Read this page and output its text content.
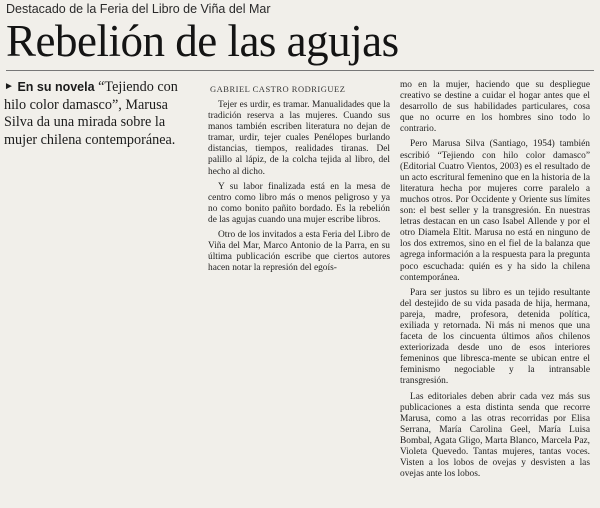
Destacado de la Feria del Libro de Viña del Mar
Rebelión de las agujas
► En su novela “Tejiendo con hilo color damasco”, Marusa Silva da una mirada sobre la mujer chilena contemporánea.
GABRIEL CASTRO RODRIGUEZ

Tejer es urdir, es tramar. Manualidades que la tradición reserva a las mujeres. Cuando sus manos también escriben literatura no dejan de tramar, urdir, tejer cuales Penélopes burlando distancias, tiempos, realidades tiranas. Del palillo al lápiz, de la colcha tejida al libro, del hecho al dicho.

Y su labor finalizada está en la mesa de centro como libro más o menos peligroso y ya no como bonito pañito bordado. Es la rebelión de las agujas cuando una mujer escribe libros.

Otro de los invitados a esta Feria del Libro de Viña del Mar, Marco Antonio de la Parra, en su última publicación escribe que ciertos autores hacen notar la represión del egoís-

mo en la mujer, haciendo que su despliegue creativo se destine a cuidar el hogar antes que el desarrollo de sus habilidades particulares, cosa que no ocurre en los hombres sino todo lo contrario.

Pero Marusa Silva (Santiago, 1954) también escribió “Tejiendo con hilo color damasco” (Editorial Cuatro Vientos, 2003) es el resultado de un acto escritural femenino que en la historia de la literatura hecha por mujeres corre paralelo a muchos otros. Por Occidente y Oriente sus límites son: el best seller y la transgresión. En nuestras letras destacan en un caso Isabel Allende y por el otro Diamela Eltit. Marusa no está en ninguno de los dos extremos, sino en el fiel de la balanza que agrega información a la respuesta para la pregunta poco escuchada: quién es y ha sido la chilena contemporánea.

Para ser justos su libro es un tejido resultante del destejido de su vida pasada de hija, hermana, pareja, madre, profesora, detenida política, exiliada y retornada. Ni más ni menos que una faceta de los cincuenta últimos años chilenos exteriorizada desde uno de esos interiores femeninos que libresca-mente se ubican entre el feminismo negociable y la intransable transgresión.

Las editoriales deben abrir cada vez más sus publicaciones a esta distinta senda que recorre Marusa, como a las otras recorridas por Elisa Serrana, María Carolina Geel, María Luisa Bombal, Agata Gligo, Marta Blanco, Marcela Paz, Violeta Quevedo. Tantas mujeres, tantas voces. Visten a los lobos de ovejas y desvisten a las ovejas ante los lobos.
